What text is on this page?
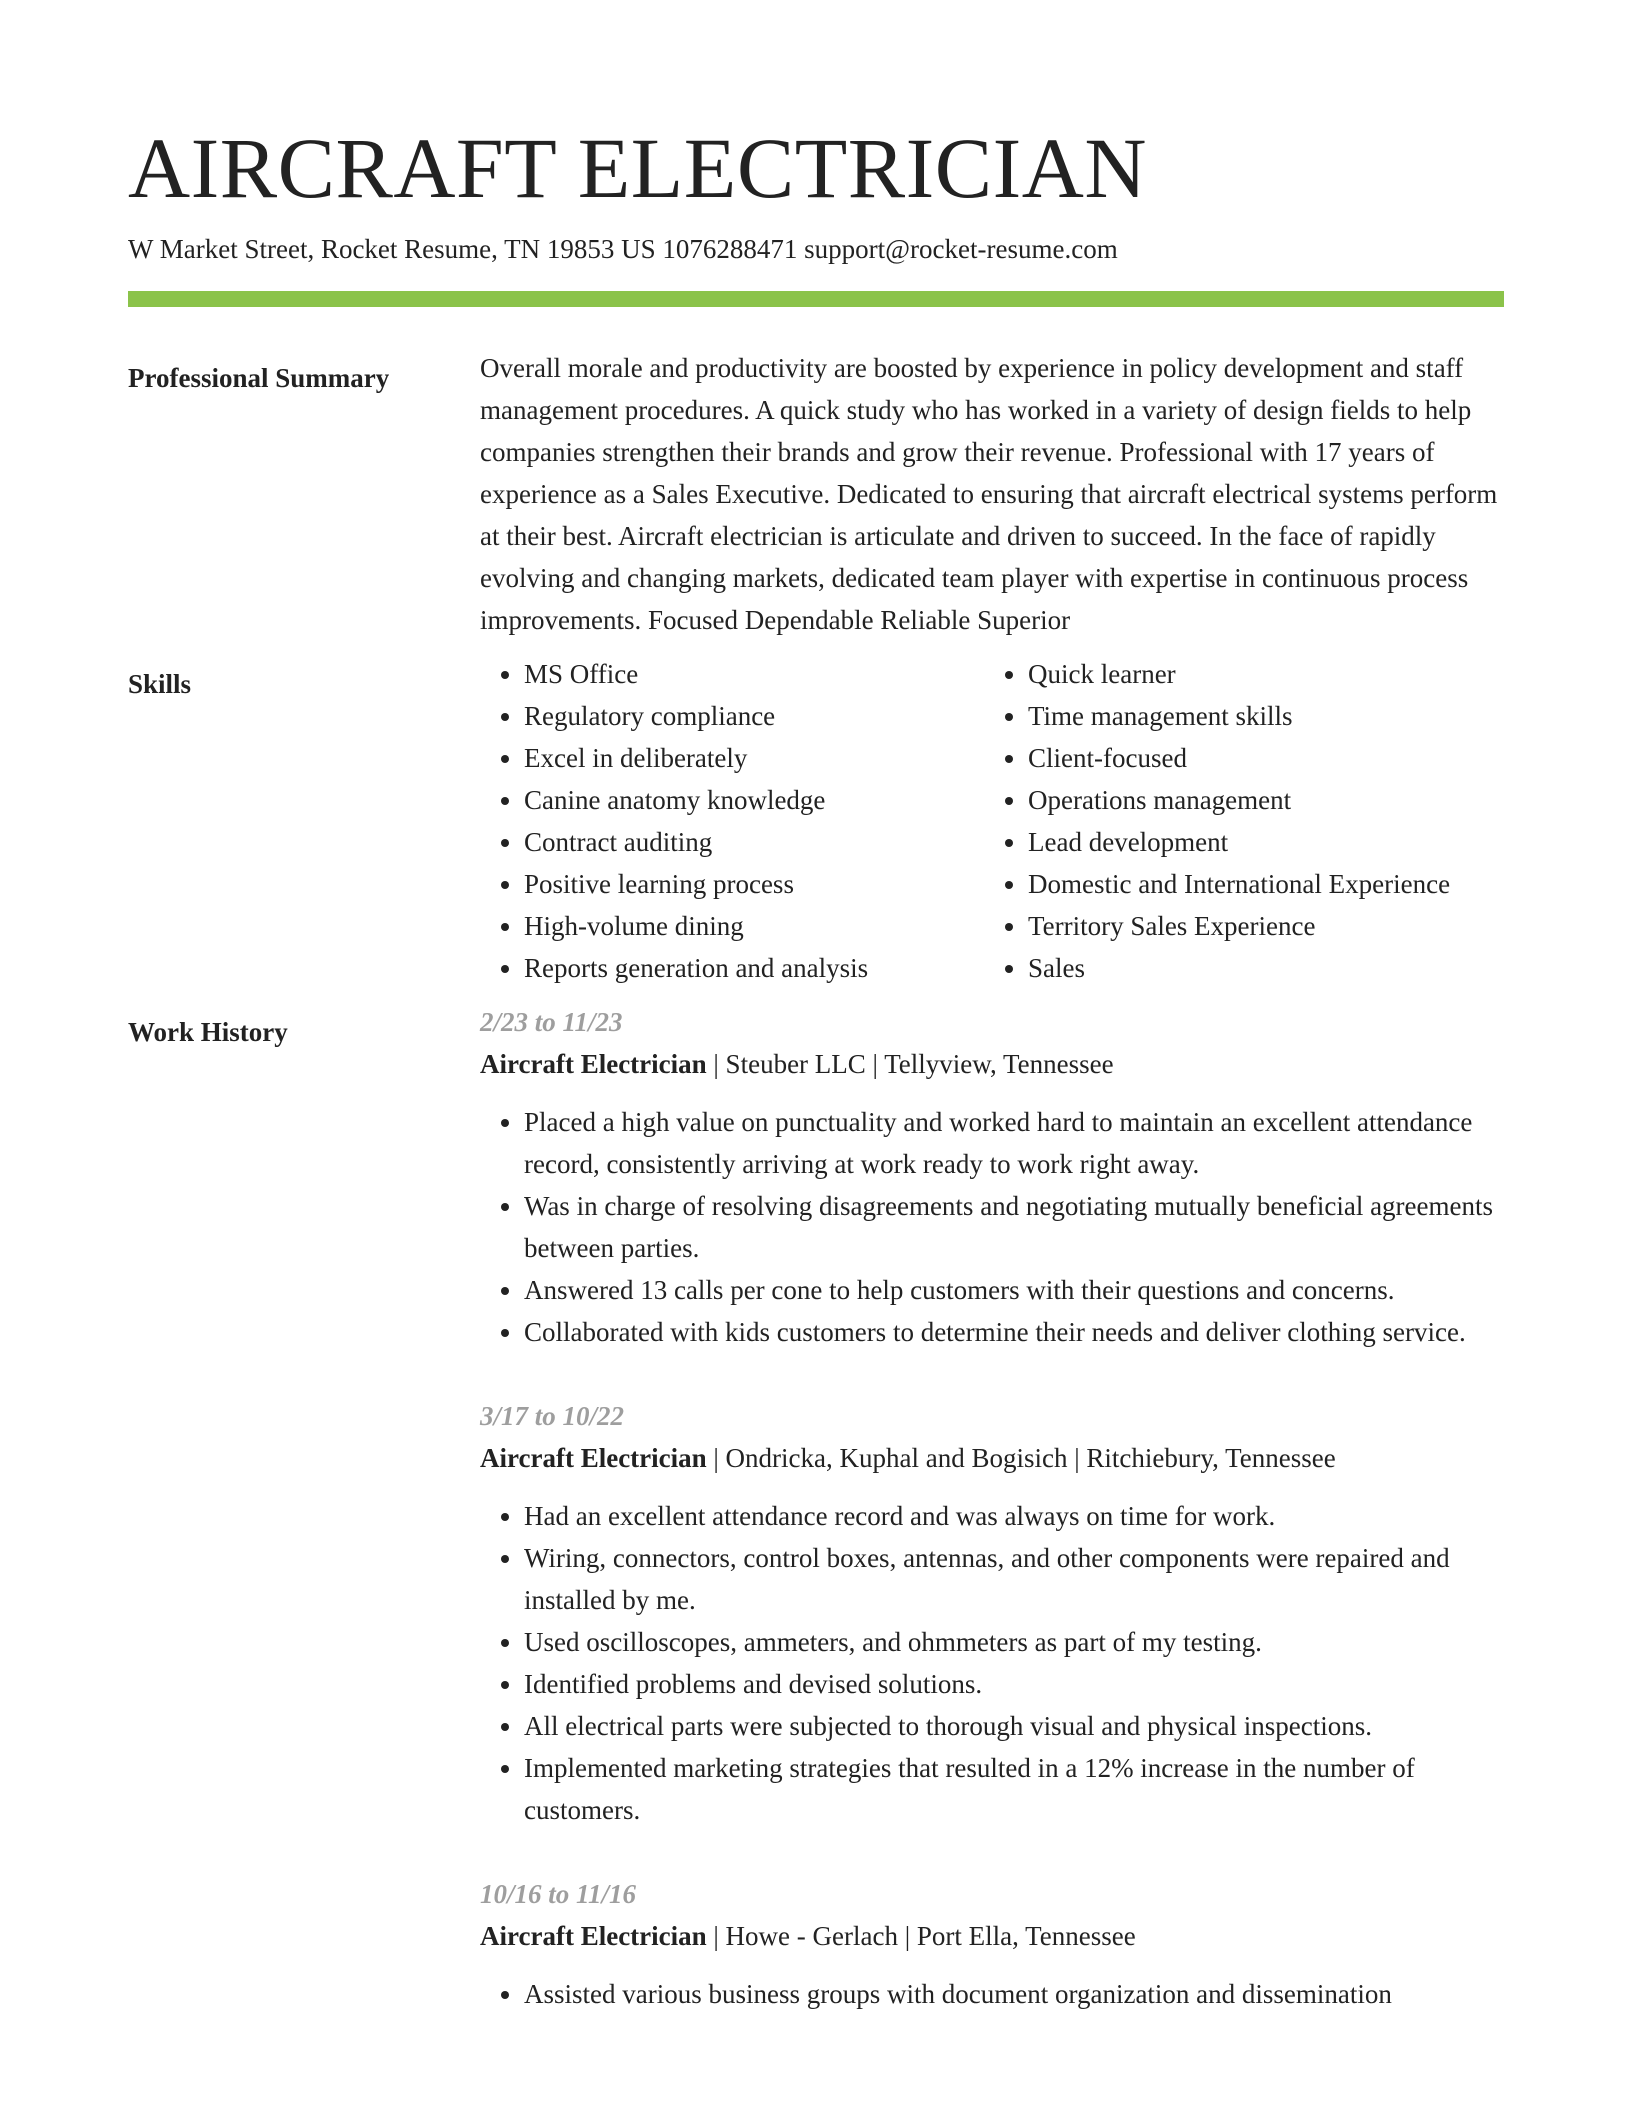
AIRCRAFT ELECTRICIAN
W Market Street, Rocket Resume, TN 19853 US 1076288471 support@rocket-resume.com
Professional Summary	Overall morale and productivity are boosted by experience in policy development and staff management procedures. A quick study who has worked in a variety of design fields to help companies strengthen their brands and grow their revenue. Professional with 17 years of experience as a Sales Executive. Dedicated to ensuring that aircraft electrical systems perform at their best. Aircraft electrician is articulate and driven to succeed. In the face of rapidly evolving and changing markets, dedicated team player with expertise in continuous process improvements. Focused Dependable Reliable Superior

Skills
•	MS Office
• Regulatory compliance
• Excel in deliberately
• Canine anatomy knowledge
• Contract auditing
• Positive learning process
• High-volume dining
• Reports generation and analysis
• Quick learner
• Time management skills
• Client-focused
• Operations management
• Lead development
• Domestic and International Experience
• Territory Sales Experience
• Sales
Work History	2/23 to 11/23
Aircraft Electrician | Steuber LLC | Tellyview, Tennessee
• Placed a high value on punctuality and worked hard to maintain an excellent attendance record, consistently arriving at work ready to work right away.
• Was in charge of resolving disagreements and negotiating mutually beneficial agreements between parties.
• Answered 13 calls per cone to help customers with their questions and concerns.
• Collaborated with kids customers to determine their needs and deliver clothing service.
3/17 to 10/22
Aircraft Electrician | Ondricka, Kuphal and Bogisich | Ritchiebury, Tennessee
• Had an excellent attendance record and was always on time for work.
• Wiring, connectors, control boxes, antennas, and other components were repaired and installed by me.
• Used oscilloscopes, ammeters, and ohmmeters as part of my testing.
• Identified problems and devised solutions.
• All electrical parts were subjected to thorough visual and physical inspections.
• Implemented marketing strategies that resulted in a 12% increase in the number of customers.
10/16 to 11/16
Aircraft Electrician | Howe - Gerlach | Port Ella, Tennessee
• Assisted various business groups with document organization and dissemination
